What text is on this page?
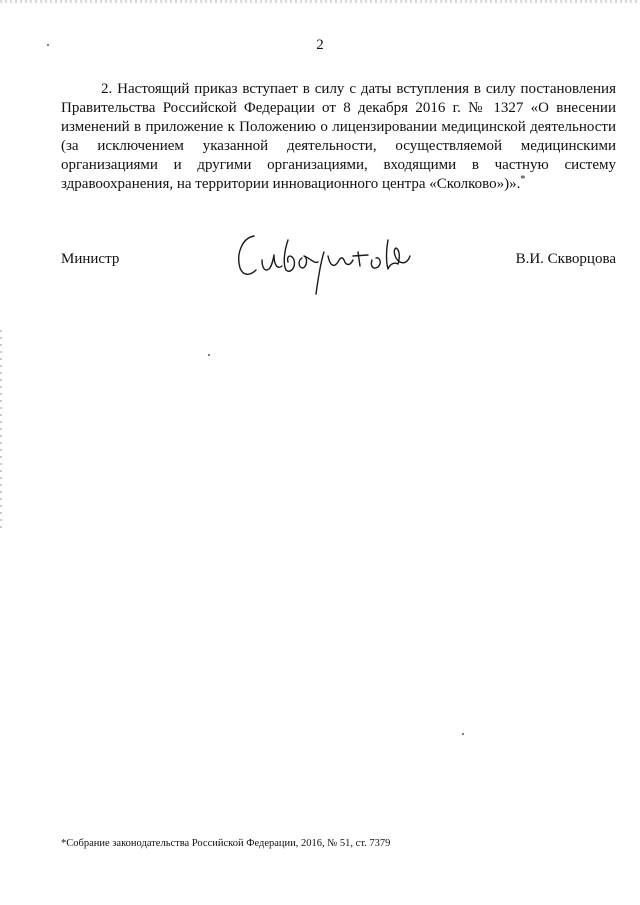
2

2. Настоящий приказ вступает в силу с даты вступления в силу постановления Правительства Российской Федерации от 8 декабря 2016 г. № 1327 «О внесении изменений в приложение к Положению о лицензировании медицинской деятельности (за исключением указанной деятельности, осуществляемой медицинскими организациями и другими организациями, входящими в частную систему здравоохранения, на территории инновационного центра «Сколково»)».*

Министр	В.И. Скворцова
*Собрание законодательства Российской Федерации, 2016, № 51, ст. 7379
